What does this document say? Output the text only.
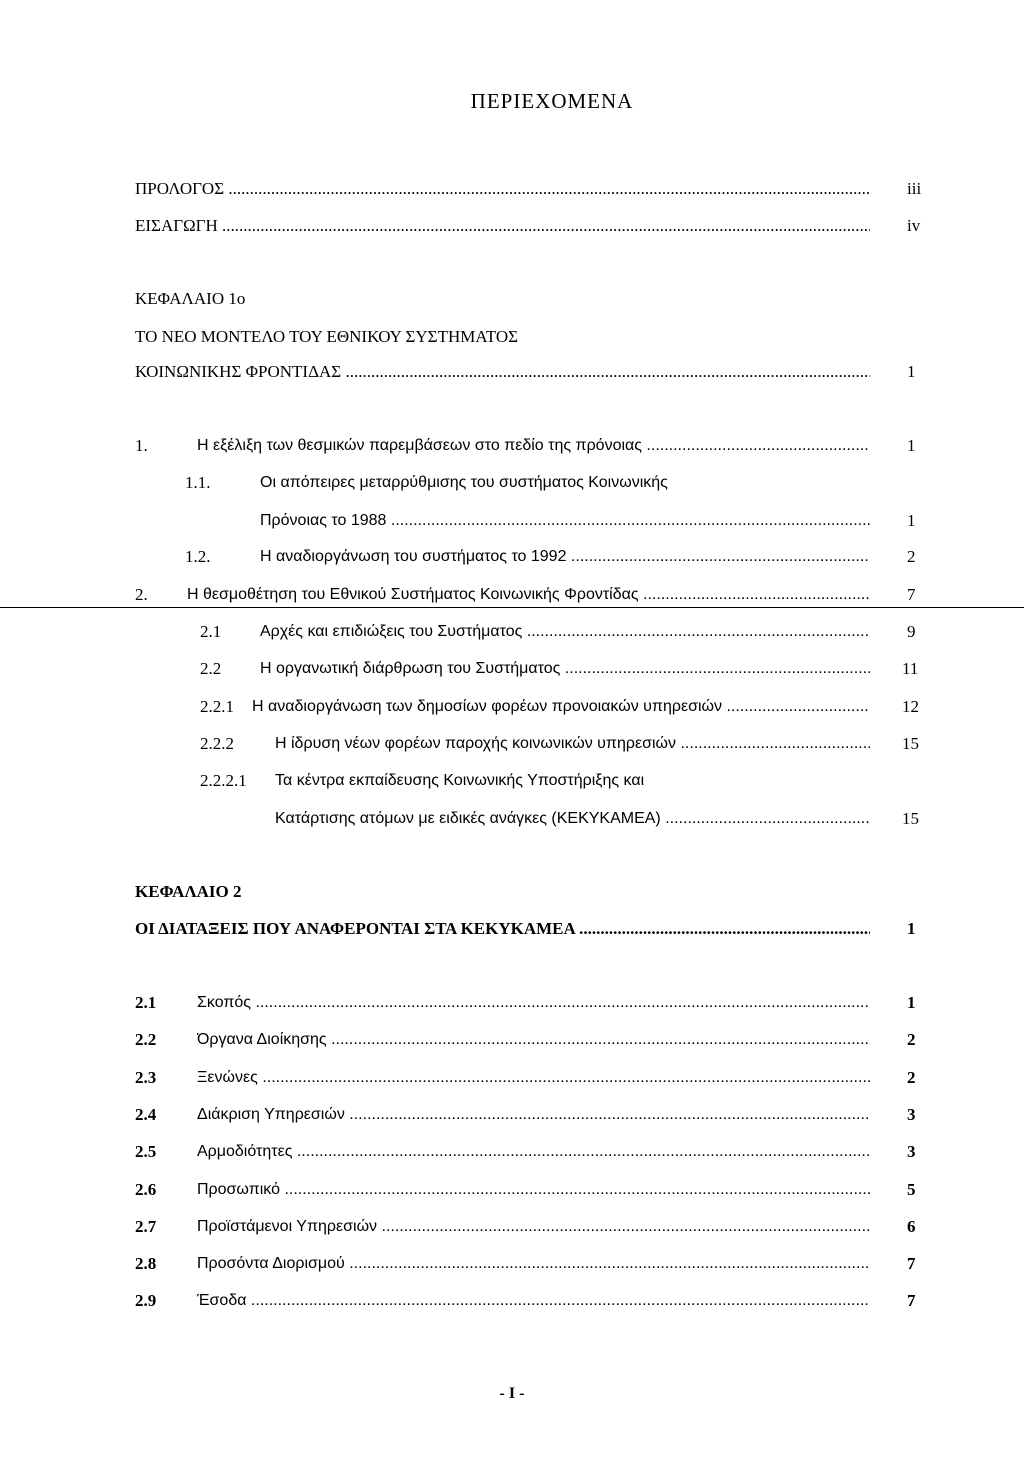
ΠΕΡΙΕΧΟΜΕΝΑ
ΠΡΟΛΟΓΟΣ .....	iii
ΕΙΣΑΓΩΓΗ .....	iv
ΚΕΦΑΛΑΙΟ 1ο
ΤΟ ΝΕΟ ΜΟΝΤΕΛΟ ΤΟΥ ΕΘΝΙΚΟΥ ΣΥΣΤΗΜΑΤΟΣ
ΚΟΙΝΩΝΙΚΗΣ ΦΡΟΝΤΙΔΑΣ .....	1
1.	Η εξέλιξη των θεσμικών παρεμβάσεων στο πεδίο της πρόνοιας .....	1
1.1.	Οι απόπειρες μεταρρύθμισης του συστήματος Κοινωνικής
Πρόνοιας το 1988 .....	1
1.2.	Η αναδιοργάνωση του συστήματος το 1992 .....	2
2. Η θεσμοθέτηση του Εθνικού Συστήματος Κοινωνικής Φροντίδας .....	7
2.1 Αρχές και επιδιώξεις του Συστήματος .....	9
2.2 Η οργανωτική διάρθρωση του Συστήματος .....	11
2.2.1 Η αναδιοργάνωση των δημοσίων φορέων προνοιακών υπηρεσιών .....	12
2.2.2	Η ίδρυση νέων φορέων παροχής κοινωνικών υπηρεσιών .....	15
2.2.2.1 Τα κέντρα εκπαίδευσης Κοινωνικής Υποστήριξης και
Κατάρτισης ατόμων με ειδικές ανάγκες (ΚΕΚΥΚΑΜΕΑ) .....	15
ΚΕΦΑΛΑΙΟ 2
ΟΙ ΔΙΑΤΑΞΕΙΣ ΠΟΥ ΑΝΑΦΕΡΟΝΤΑΙ ΣΤΑ ΚΕΚΥΚΑΜΕΑ .....	1
2.1	Σκοπός .....	1
2.2	Όργανα Διοίκησης .....	2
2.3	Ξενώνες .....	2
2.4	Διάκριση Υπηρεσιών .....	3
2.5	Αρμοδιότητες .....	3
2.6	Προσωπικό .....	5
2.7	Προϊστάμενοι Υπηρεσιών .....	6
2.8	Προσόντα Διορισμού .....	7
2.9	Έσοδα .....	7
- I -
